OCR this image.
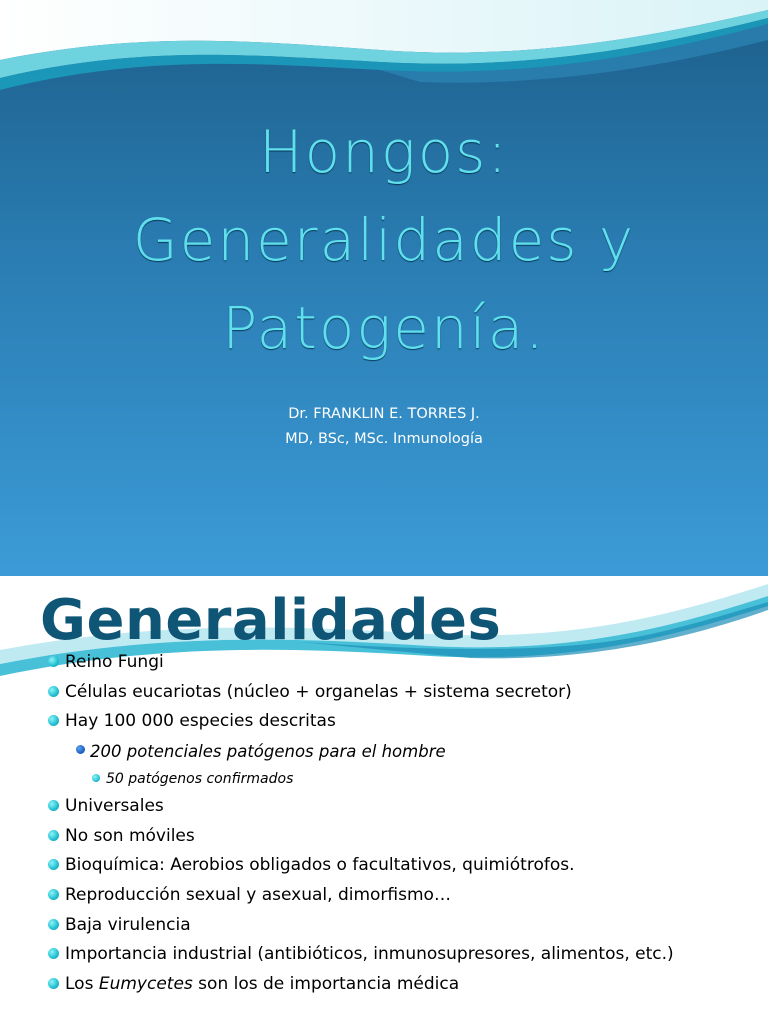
Hongos:
Generalidades y
Patogenía.
Dr. FRANKLIN E. TORRES J.
MD, BSc, MSc. Inmunología
Generalidades
Reino Fungi
Células eucariotas (núcleo + organelas + sistema secretor)
Hay 100 000 especies descritas
200 potenciales patógenos para el hombre
50 patógenos confirmados
Universales
No son móviles
Bioquímica: Aerobios obligados o facultativos, quimiótrofos.
Reproducción sexual y asexual, dimorfismo…
Baja virulencia
Importancia industrial (antibióticos, inmunosupresores, alimentos, etc.)
Los Eumycetes son los de importancia médica
